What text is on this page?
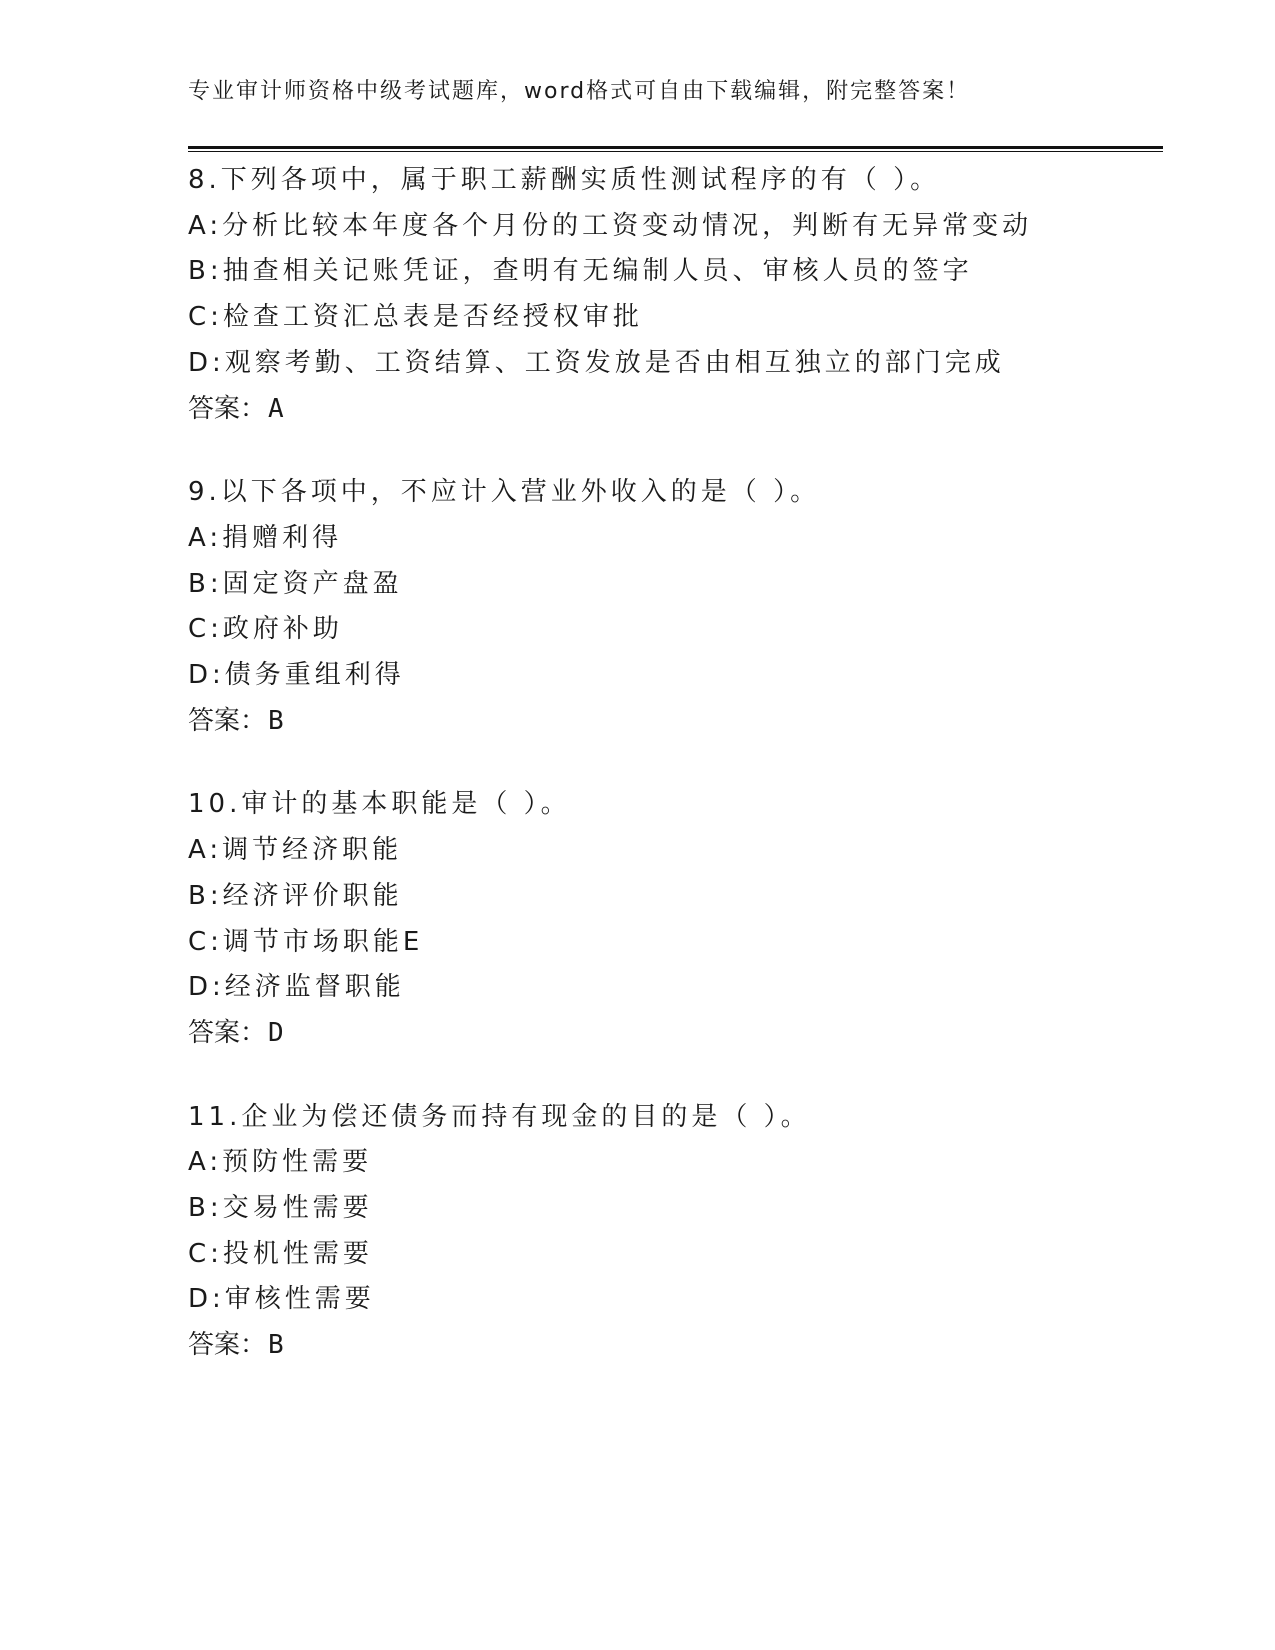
专业审计师资格中级考试题库，word格式可自由下载编辑，附完整答案！
8.下列各项中，属于职工薪酬实质性测试程序的有（ ）。
A:分析比较本年度各个月份的工资变动情况，判断有无异常变动
B:抽查相关记账凭证，查明有无编制人员、审核人员的签字
C:检查工资汇总表是否经授权审批
D:观察考勤、工资结算、工资发放是否由相互独立的部门完成
答案：A
9.以下各项中，不应计入营业外收入的是（ ）。
A:捐赠利得
B:固定资产盘盈
C:政府补助
D:债务重组利得
答案：B
10.审计的基本职能是（ ）。
A:调节经济职能
B:经济评价职能
C:调节市场职能E
D:经济监督职能
答案：D
11.企业为偿还债务而持有现金的目的是（ ）。
A:预防性需要
B:交易性需要
C:投机性需要
D:审核性需要
答案：B
